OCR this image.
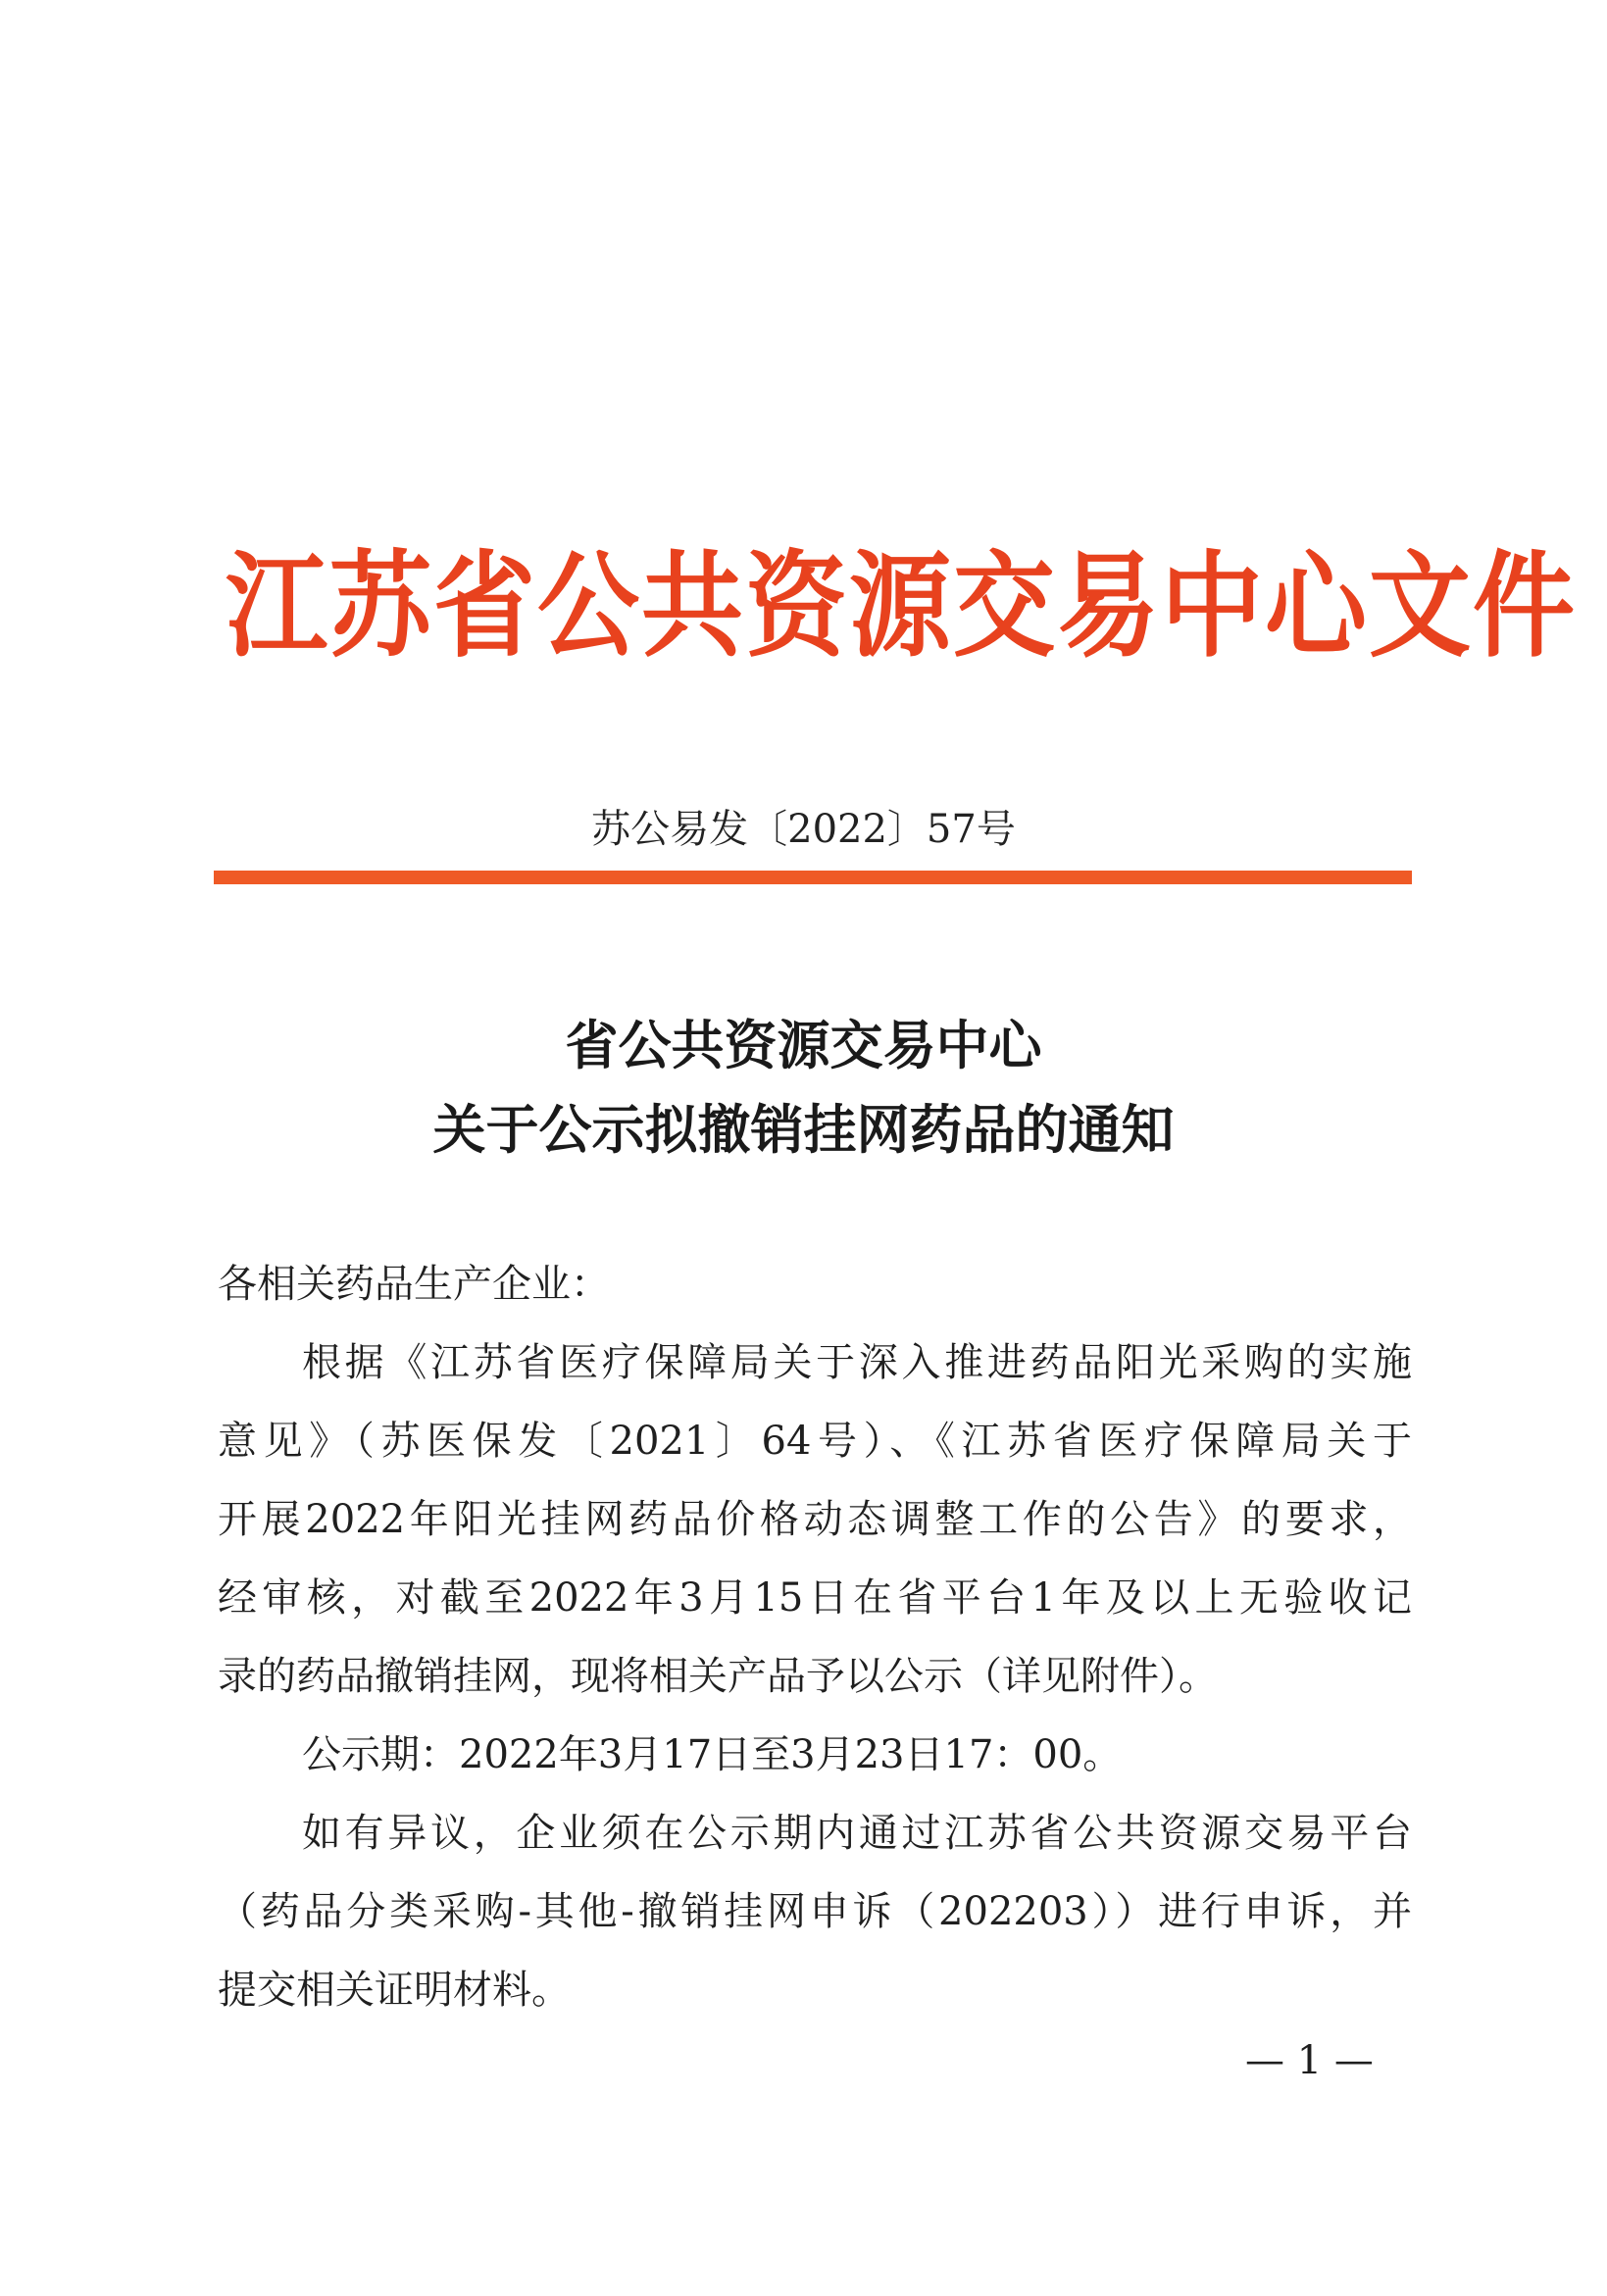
江苏省公共资源交易中心文件
苏公易发〔2022〕57号
省公共资源交易中心
关于公示拟撤销挂网药品的通知
各相关药品生产企业：
根据《江苏省医疗保障局关于深入推进药品阳光采购的实施
意见》（苏医保发〔2021〕64号）、《江苏省医疗保障局关于
开展2022年阳光挂网药品价格动态调整工作的公告》的要求，
经审核，对截至2022年3月15日在省平台1年及以上无验收记
录的药品撤销挂网，现将相关产品予以公示（详见附件）。
公示期：2022年3月17日至3月23日17：00。
如有异议，企业须在公示期内通过江苏省公共资源交易平台
（药品分类采购-其他-撤销挂网申诉（202203））进行申诉，并
提交相关证明材料。
— 1 —
